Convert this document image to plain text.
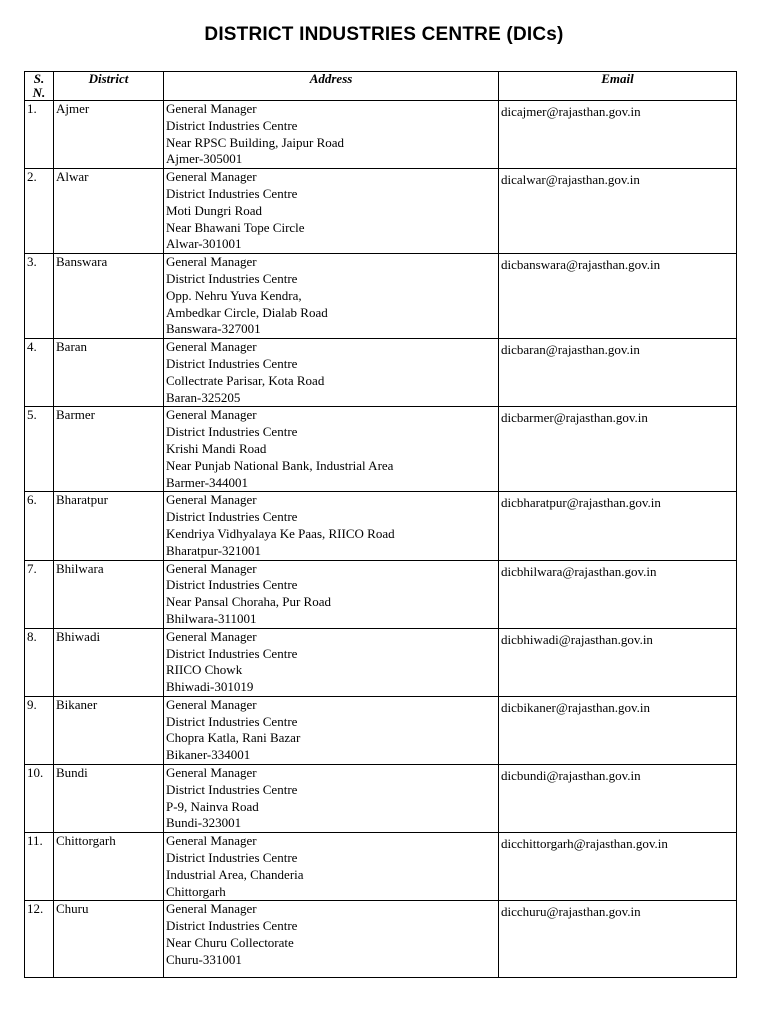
DISTRICT INDUSTRIES CENTRE (DICs)
S. N.	District	Address	Email
1.	Ajmer	General Manager
District Industries Centre
Near RPSC Building, Jaipur Road
Ajmer-305001	dicajmer@rajasthan.gov.in
2.	Alwar	General Manager
District Industries Centre
Moti Dungri Road
Near Bhawani Tope Circle
Alwar-301001	dicalwar@rajasthan.gov.in
3.	Banswara	General Manager
District Industries Centre
Opp. Nehru Yuva Kendra,
Ambedkar Circle, Dialab Road
Banswara-327001	dicbanswara@rajasthan.gov.in
4.	Baran	General Manager
District Industries Centre
Collectrate Parisar, Kota Road
Baran-325205	dicbaran@rajasthan.gov.in
5.	Barmer	General Manager
District Industries Centre
Krishi Mandi Road
Near Punjab National Bank, Industrial Area
Barmer-344001	dicbarmer@rajasthan.gov.in
6.	Bharatpur	General Manager
District Industries Centre
Kendriya Vidhyalaya Ke Paas, RIICO Road
Bharatpur-321001	dicbharatpur@rajasthan.gov.in
7.	Bhilwara	General Manager
District Industries Centre
Near Pansal Choraha, Pur Road
Bhilwara-311001	dicbhilwara@rajasthan.gov.in
8.	Bhiwadi	General Manager
District Industries Centre
RIICO Chowk
Bhiwadi-301019	dicbhiwadi@rajasthan.gov.in
9.	Bikaner	General Manager
District Industries Centre
Chopra Katla, Rani Bazar
Bikaner-334001	dicbikaner@rajasthan.gov.in
10.	Bundi	General Manager
District Industries Centre
P-9, Nainva Road
Bundi-323001	dicbundi@rajasthan.gov.in
11.	Chittorgarh	General Manager
District Industries Centre
Industrial Area, Chanderia
Chittorgarh	dicchittorgarh@rajasthan.gov.in
12.	Churu	General Manager
District Industries Centre
Near Churu Collectorate
Churu-331001	dicchuru@rajasthan.gov.in
